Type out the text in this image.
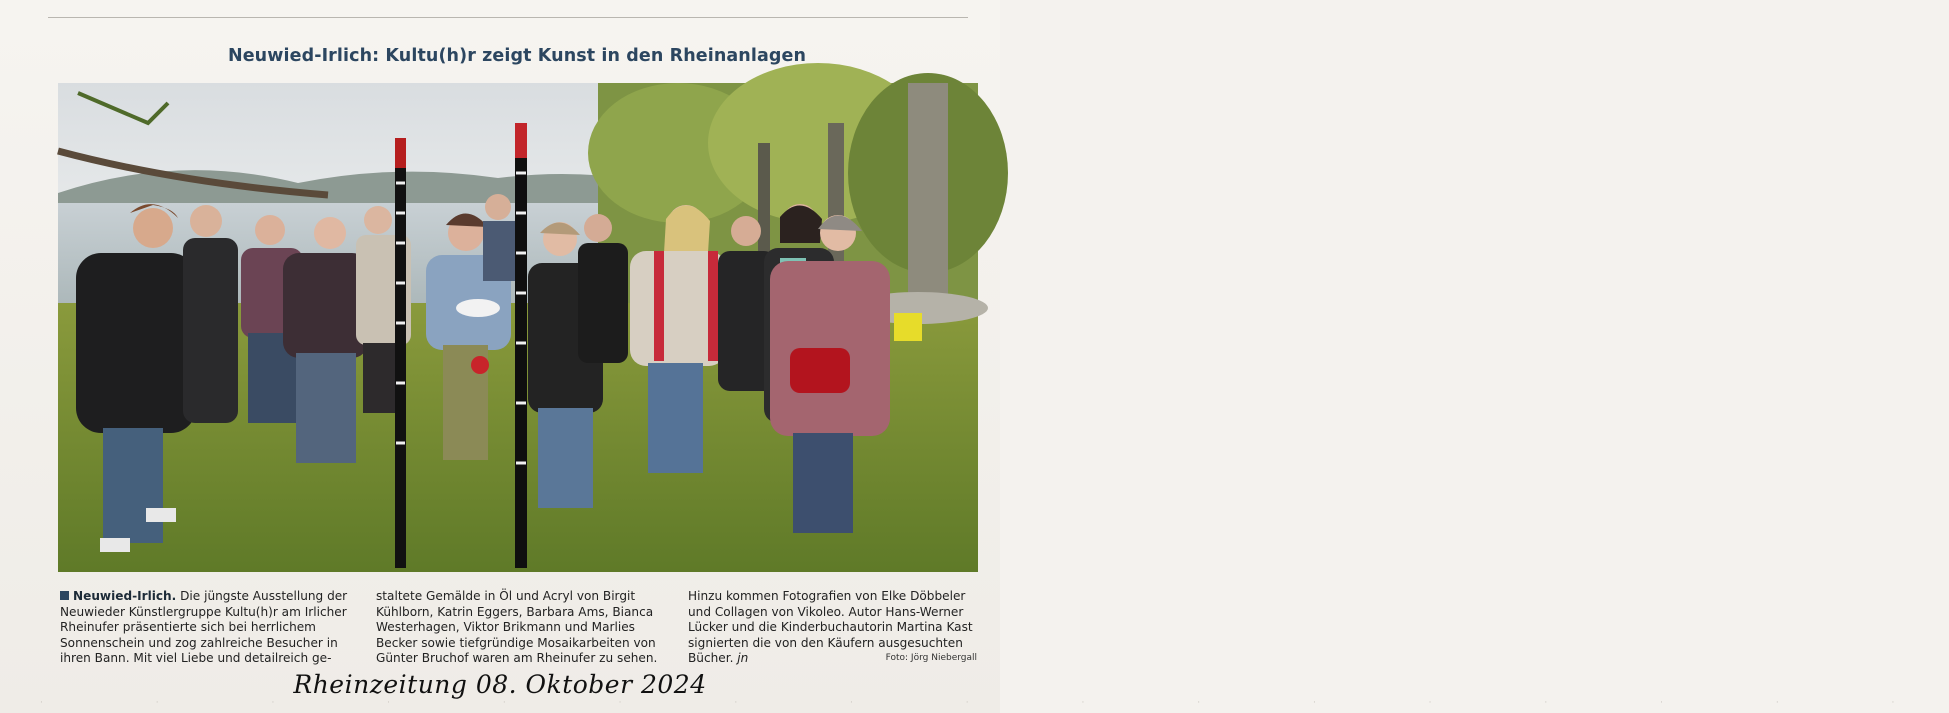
Neuwied-Irlich: Kultu(h)r zeigt Kunst in den Rheinanlagen
Neuwied-Irlich. Die jüngste Ausstellung der Neuwieder Künstlergruppe Kultu(h)r am Irlicher Rheinufer präsentierte sich bei herrlichem Sonnenschein und zog zahlreiche Besucher in ihren Bann. Mit viel Liebe und detailreich ge-
staltete Gemälde in Öl und Acryl von Birgit Kühlborn, Katrin Eggers, Barbara Ams, Bianca Westerhagen, Viktor Brikmann und Marlies Becker sowie tiefgründige Mosaikarbeiten von Günter Bruchof waren am Rheinufer zu sehen.
Hinzu kommen Fotografien von Elke Döbbeler und Collagen von Vikoleo. Autor Hans-Werner Lücker und die Kinderbuchautorin Martina Kast signierten die von den Käufern ausgesuchten Bücher. jn	Foto: Jörg Niebergall
Rheinzeitung 08. Oktober 2024
· · · · · · · · · · · · · · · · ·
